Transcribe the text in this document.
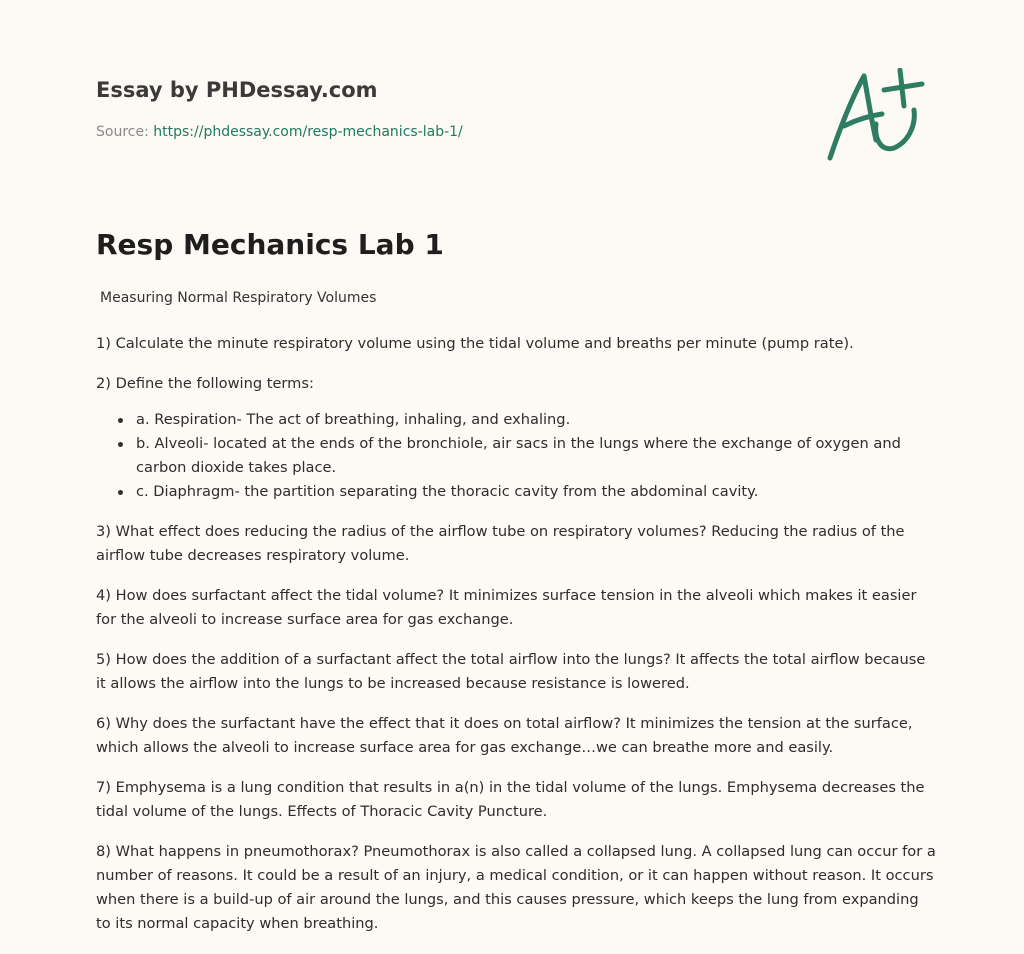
Essay by PHDessay.com
Source: https://phdessay.com/resp-mechanics-lab-1/
Resp Mechanics Lab 1
Measuring Normal Respiratory Volumes

1) Calculate the minute respiratory volume using the tidal volume and breaths per minute (pump rate).

2) Define the following terms:

a. Respiration- The act of breathing, inhaling, and exhaling.
b. Alveoli- located at the ends of the bronchiole, air sacs in the lungs where the exchange of oxygen and carbon dioxide takes place.
c. Diaphragm- the partition separating the thoracic cavity from the abdominal cavity.

3) What effect does reducing the radius of the airflow tube on respiratory volumes? Reducing the radius of the airflow tube decreases respiratory volume.

4) How does surfactant affect the tidal volume? It minimizes surface tension in the alveoli which makes it easier for the alveoli to increase surface area for gas exchange.

5) How does the addition of a surfactant affect the total airflow into the lungs? It affects the total airflow because it allows the airflow into the lungs to be increased because resistance is lowered.

6) Why does the surfactant have the effect that it does on total airflow? It minimizes the tension at the surface, which allows the alveoli to increase surface area for gas exchange…we can breathe more and easily.

7) Emphysema is a lung condition that results in a(n) in the tidal volume of the lungs. Emphysema decreases the tidal volume of the lungs. Effects of Thoracic Cavity Puncture.

8) What happens in pneumothorax? Pneumothorax is also called a collapsed lung. A collapsed lung can occur for a number of reasons. It could be a result of an injury, a medical condition, or it can happen without reason. It occurs when there is a build-up of air around the lungs, and this causes pressure, which keeps the lung from expanding to its normal capacity when breathing.
